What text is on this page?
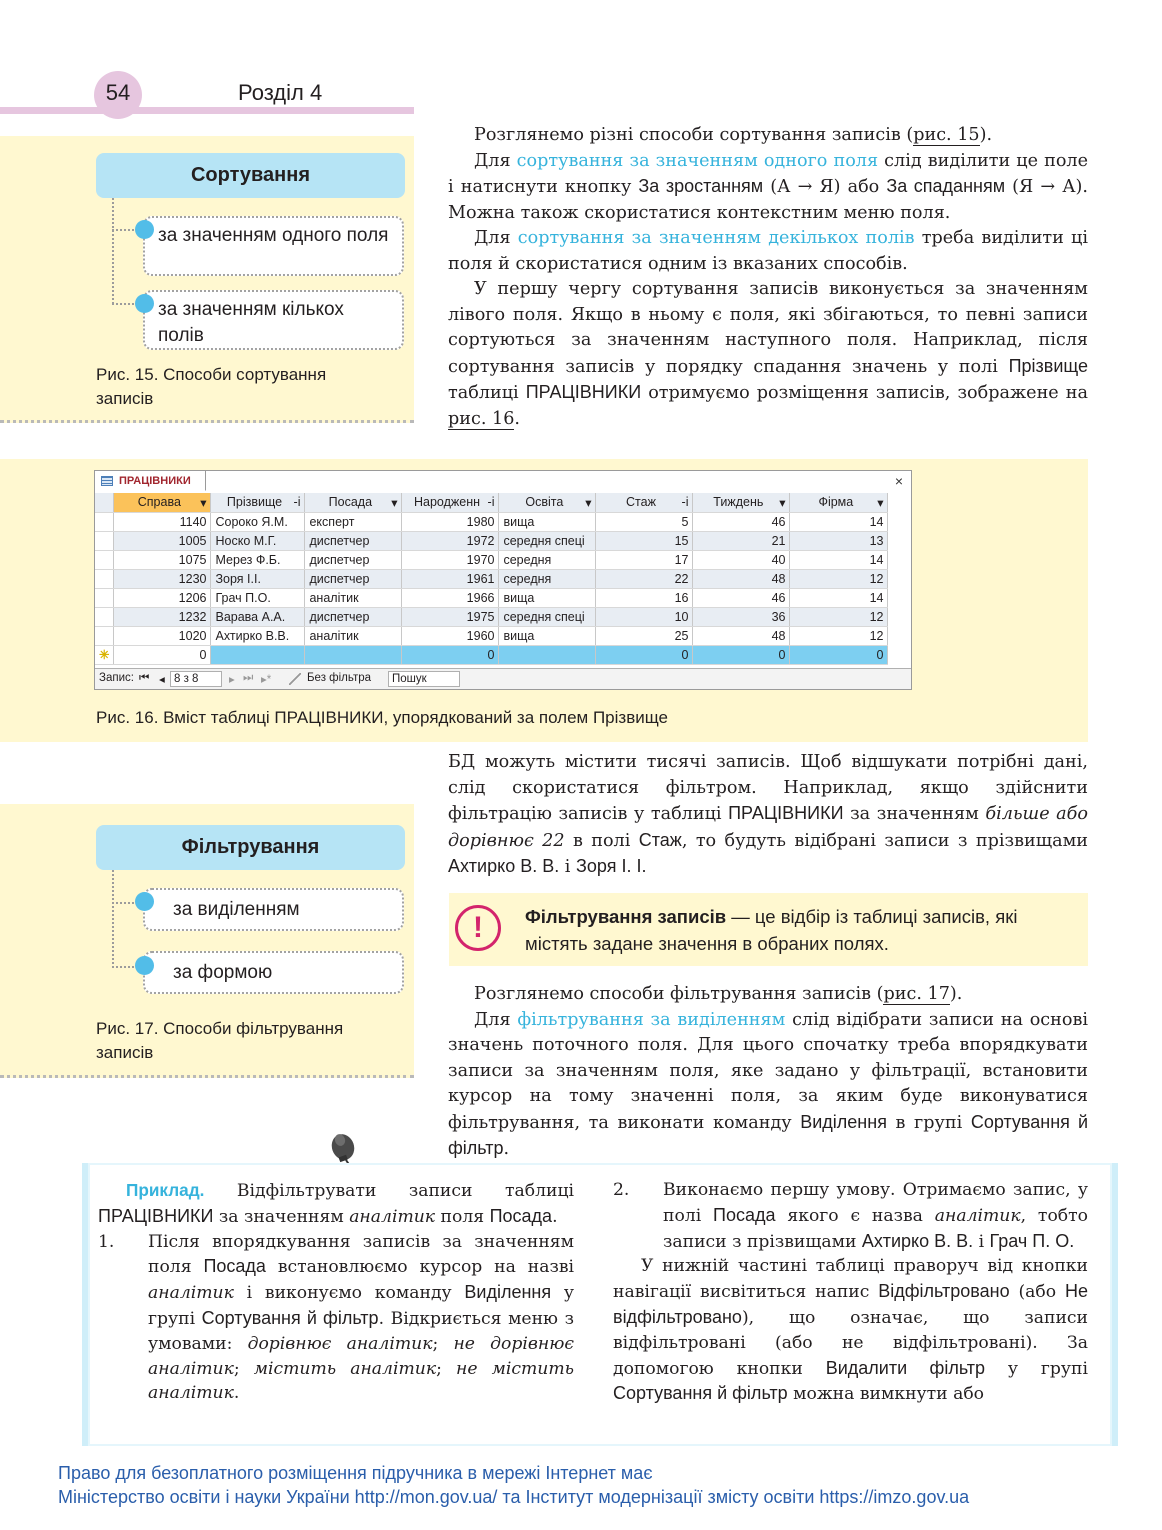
54	Розділ 4
Сортування
за значенням одного поля
за значенням кількох полів
Рис. 15. Способи сортування записів

Розглянемо різні способи сортування записів (рис. 15).

Для сортування за значенням одного поля слід виділити це поле і натиснути кнопку За зростанням (А → Я) або За спаданням (Я → А). Можна також скористатися контекстним меню поля.

Для сортування за значенням декількох полів треба виділити ці поля й скористатися одним із вказаних способів.

У першу чергу сортування записів виконується за значенням лівого поля. Якщо в ньому є поля, які збігаються, то певні записи сортуються за значенням наступного поля. Наприклад, після сортування записів у порядку спадання значень у полі Прізвище таблиці ПРАЦІВНИКИ отримуємо розміщення записів, зображене на рис. 16.

ПРАЦІВНИКИ	×
	Справа ▾	Прізвище -i	Посада ▾	Народженн -i	Освіта ▾	Стаж -i	Тиждень ▾	Фірма ▾

	1140	Сороко Я.М.	експерт	1980	вища	5	46	14
	1005	Носко М.Г.	диспетчер	1972	середня спеці	15	21	13
	1075	Мерез Ф.Б.	диспетчер	1970	середня	17	40	14
	1230	Зоря І.І.	диспетчер	1961	середня	22	48	12
	1206	Грач П.О.	аналітик	1966	вища	16	46	14
	1232	Варава А.А.	диспетчер	1975	середня спеці	10	36	12
	1020	Ахтирко В.В.	аналітик	1960	вища	25	48	12
✳	0			0		0	0	0
Запис: ⏮ ◂ 8 з 8	▸ ⏭ ▸*	Без фільтра	Пошук
Рис. 16. Вміст таблиці ПРАЦІВНИКИ, упорядкований за полем Прізвище

БД можуть містити тисячі записів. Щоб відшукати потрібні дані, слід скористатися фільтром. Наприклад, якщо здійснити фільтрацію записів у таблиці ПРАЦІВНИКИ за значенням більше або дорівнює 22 в полі Стаж, то будуть відібрані записи з прізвищами Ахтирко В. В. і Зоря І. І.

Фільтрування
за виділенням
за формою
Рис. 17. Способи фільтрування записів
!	Фільтрування записів — це відбір із таблиці записів, які містять задане значення в обраних полях.

Розглянемо способи фільтрування записів (рис. 17).

Для фільтрування за виділенням слід відібрати записи на основі значень поточного поля. Для цього спочатку треба впорядкувати записи за значенням поля, яке задано у фільтрації, встановити курсор на тому значенні поля, за яким буде виконуватися фільтрування, та виконати команду Виділення в групі Сортування й фільтр.

Приклад. Відфільтрувати записи таблиці ПРАЦІВНИКИ за значенням аналітик поля Посада.

1. Після впорядкування записів за значенням поля Посада встановлюємо курсор на назві аналітик і виконуємо команду Виділення у групі Сортування й фільтр. Відкриється меню з умовами: дорівнює аналітик; не дорівнює аналітик; містить аналітик; не містить аналітик.
2. Виконаємо першу умову. Отримаємо запис, у полі Посада якого є назва аналітик, тобто записи з прізвищами Ахтирко В. В. і Грач П. О.

У нижній частині таблиці праворуч від кнопки навігації висвітиться напис Відфільтровано (або Не відфільтровано), що означає, що записи відфільтровані (або не відфільтровані). За допомогою кнопки Видалити фільтр у групі Сортування й фільтр можна вимкнути або

Право для безоплатного розміщення підручника в мережі Інтернет має
Міністерство освіти і науки України http://mon.gov.ua/ та Інститут модернізації змісту освіти https://imzo.gov.ua
